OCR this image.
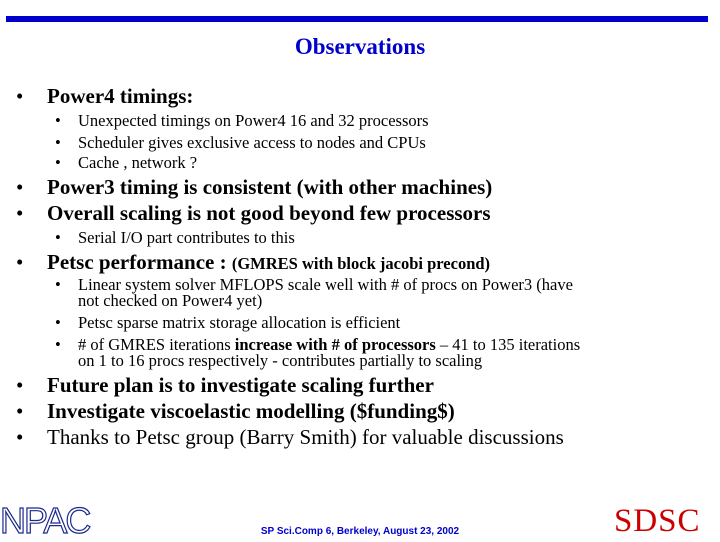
Observations
• Power4 timings:
• Unexpected timings on Power4 16 and 32 processors
• Scheduler gives exclusive access to nodes and CPUs
• Cache , network ?
• Power3 timing is consistent (with other machines)
• Overall scaling is not good beyond few processors
• Serial I/O part contributes to this
• Petsc performance : (GMRES with block jacobi precond)
• Linear system solver MFLOPS scale well with # of procs on Power3 (have
not checked on Power4 yet)
• Petsc sparse matrix storage allocation is efficient
• # of GMRES iterations increase with # of processors – 41 to 135 iterations
on 1 to 16 procs respectively - contributes partially to scaling
• Future plan is to investigate scaling further
• Investigate viscoelastic modelling ($funding$)
• Thanks to Petsc group (Barry Smith) for valuable discussions
NPAC	SP Sci.Comp 6, Berkeley, August 23, 2002	SDSC
